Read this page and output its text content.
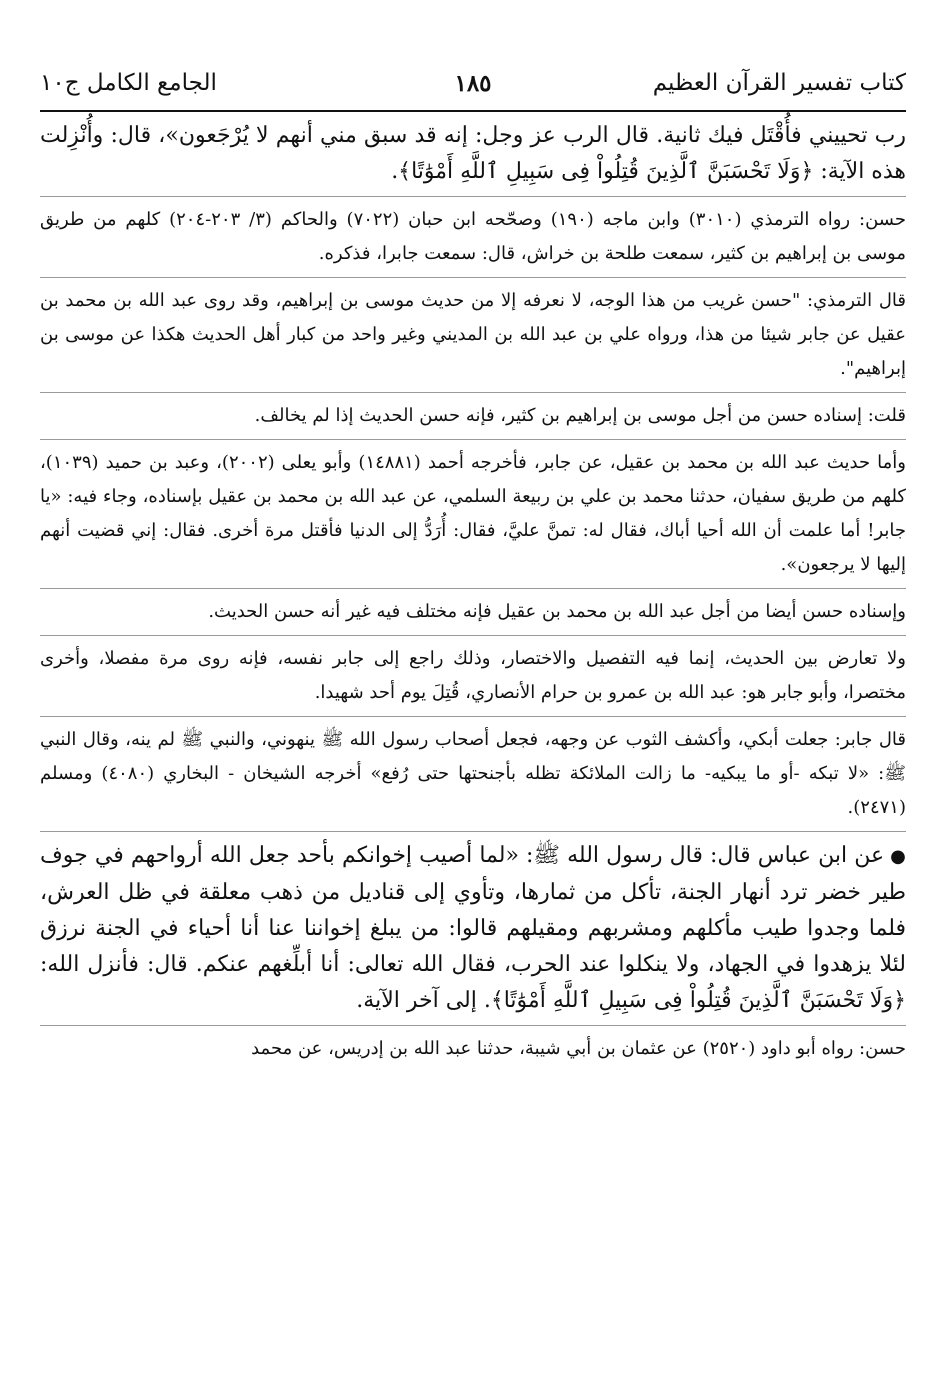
كتاب تفسير القرآن العظيم
١٨٥
الجامع الكامل ج١٠

رب تحييني فأُقْتَل فيك ثانية. قال الرب عز وجل: إنه قد سبق مني أنهم لا يُرْجَعون»، قال: وأُنْزِلت هذه الآية: ﴿وَلَا تَحْسَبَنَّ ٱلَّذِينَ قُتِلُواْ فِى سَبِيلِ ٱللَّهِ أَمْوَٰتًا﴾.

حسن: رواه الترمذي (٣٠١٠) وابن ماجه (١٩٠) وصحّحه ابن حبان (٧٠٢٢) والحاكم (٣/ ٢٠٣-٢٠٤) كلهم من طريق موسى بن إبراهيم بن كثير، سمعت طلحة بن خراش، قال: سمعت جابرا، فذكره.

قال الترمذي: "حسن غريب من هذا الوجه، لا نعرفه إلا من حديث موسى بن إبراهيم، وقد روى عبد الله بن محمد بن عقيل عن جابر شيئا من هذا، ورواه علي بن عبد الله بن المديني وغير واحد من كبار أهل الحديث هكذا عن موسى بن إبراهيم".

قلت: إسناده حسن من أجل موسى بن إبراهيم بن كثير، فإنه حسن الحديث إذا لم يخالف.

وأما حديث عبد الله بن محمد بن عقيل، عن جابر، فأخرجه أحمد (١٤٨٨١) وأبو يعلى (٢٠٠٢)، وعبد بن حميد (١٠٣٩)، كلهم من طريق سفيان، حدثنا محمد بن علي بن ربيعة السلمي، عن عبد الله بن محمد بن عقيل بإسناده، وجاء فيه: «يا جابر! أما علمت أن الله أحيا أباك، فقال له: تمنَّ عليَّ، فقال: أُرَدُّ إلى الدنيا فأقتل مرة أخرى. فقال: إني قضيت أنهم إليها لا يرجعون».

وإسناده حسن أيضا من أجل عبد الله بن محمد بن عقيل فإنه مختلف فيه غير أنه حسن الحديث.

ولا تعارض بين الحديث، إنما فيه التفصيل والاختصار، وذلك راجع إلى جابر نفسه، فإنه روى مرة مفصلا، وأخرى مختصرا، وأبو جابر هو: عبد الله بن عمرو بن حرام الأنصاري، قُتِلَ يوم أحد شهيدا.

قال جابر: جعلت أبكي، وأكشف الثوب عن وجهه، فجعل أصحاب رسول الله ﷺ ينهوني، والنبي ﷺ لم ينه، وقال النبي ﷺ: «لا تبكه -أو ما يبكيه- ما زالت الملائكة تظله بأجنحتها حتى رُفع» أخرجه الشيخان - البخاري (٤٠٨٠) ومسلم (٢٤٧١).

●عن ابن عباس قال: قال رسول الله ﷺ: «لما أصيب إخوانكم بأحد جعل الله أرواحهم في جوف طير خضر ترد أنهار الجنة، تأكل من ثمارها، وتأوي إلى قناديل من ذهب معلقة في ظل العرش، فلما وجدوا طيب مأكلهم ومشربهم ومقيلهم قالوا: من يبلغ إخواننا عنا أنا أحياء في الجنة نرزق لئلا يزهدوا في الجهاد، ولا ينكلوا عند الحرب، فقال الله تعالى: أنا أبلِّغهم عنكم. قال: فأنزل الله: ﴿وَلَا تَحْسَبَنَّ ٱلَّذِينَ قُتِلُواْ فِى سَبِيلِ ٱللَّهِ أَمْوَٰتًا﴾. إلى آخر الآية.

حسن: رواه أبو داود (٢٥٢٠) عن عثمان بن أبي شيبة، حدثنا عبد الله بن إدريس، عن محمد
